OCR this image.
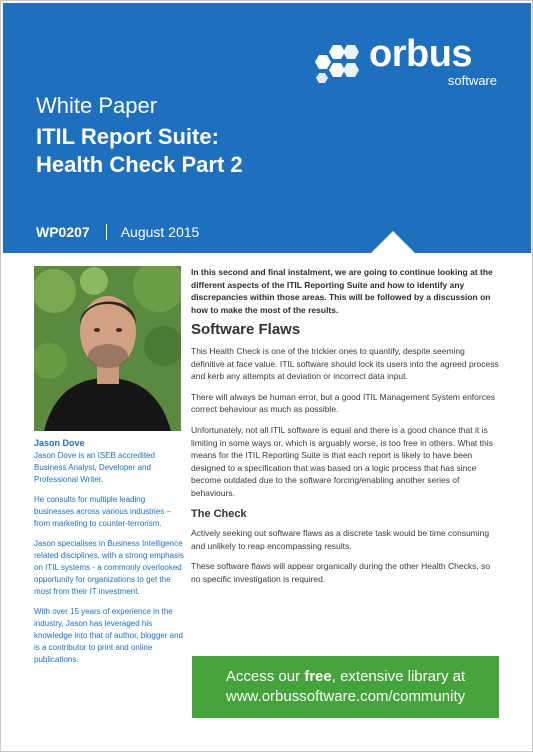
orbus
software
White Paper
ITIL Report Suite:
Health Check Part 2
WP0207 August 2015
Jason Dove

Jason Dove is an ISEB accredited Business Analyst, Developer and Professional Writer.

He consults for multiple leading businesses across various industries – from marketing to counter-terrorism.

Jason specialises in Business Intelligence related disciplines, with a strong emphasis on ITIL systems - a commonly overlooked opportunity for organizations to get the most from their IT investment.

With over 15 years of experience in the industry, Jason has leveraged his knowledge into that of author, blogger and is a contributor to print and online publications.

In this second and final instalment, we are going to continue looking at the different aspects of the ITIL Reporting Suite and how to identify any discrepancies within those areas. This will be followed by a discussion on how to make the most of the results.

Software Flaws

This Health Check is one of the trickier ones to quantify, despite seeming definitive at face value. ITIL software should lock its users into the agreed process and kerb any attempts at deviation or incorrect data input.

There will always be human error, but a good ITIL Management System enforces correct behaviour as much as possible.

Unfortunately, not all ITIL software is equal and there is a good chance that it is limiting in some ways or, which is arguably worse, is too free in others. What this means for the ITIL Reporting Suite is that each report is likely to have been designed to a specification that was based on a logic process that has since become outdated due to the software forcing/enabling another series of behaviours.

The Check

Actively seeking out software flaws as a discrete task would be time consuming and unlikely to reap encompassing results.

These software flaws will appear organically during the other Health Checks, so no specific investigation is required.

Access our free, extensive library at
www.orbussoftware.com/community
